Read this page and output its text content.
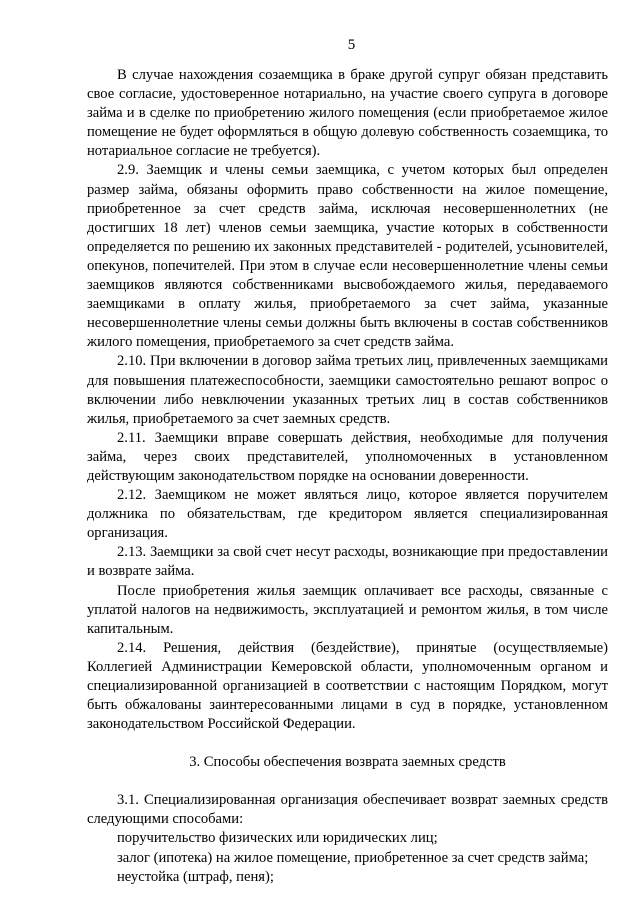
5

В случае нахождения созаемщика в браке другой супруг обязан представить свое согласие, удостоверенное нотариально, на участие своего супруга в договоре займа и в сделке по приобретению жилого помещения (если приобретаемое жилое помещение не будет оформляться в общую долевую собственность созаемщика, то нотариальное согласие не требуется).

2.9. Заемщик и члены семьи заемщика, с учетом которых был определен размер займа, обязаны оформить право собственности на жилое помещение, приобретенное за счет средств займа, исключая несовершеннолетних (не достигших 18 лет) членов семьи заемщика, участие которых в собственности определяется по решению их законных представителей - родителей, усыновителей, опекунов, попечителей. При этом в случае если несовершеннолетние члены семьи заемщиков являются собственниками высвобождаемого жилья, передаваемого заемщиками в оплату жилья, приобретаемого за счет займа, указанные несовершеннолетние члены семьи должны быть включены в состав собственников жилого помещения, приобретаемого за счет средств займа.

2.10. При включении в договор займа третьих лиц, привлеченных заемщиками для повышения платежеспособности, заемщики самостоятельно решают вопрос о включении либо невключении указанных третьих лиц в состав собственников жилья, приобретаемого за счет заемных средств.

2.11. Заемщики вправе совершать действия, необходимые для получения займа, через своих представителей, уполномоченных в установленном действующим законодательством порядке на основании доверенности.

2.12. Заемщиком не может являться лицо, которое является поручителем должника по обязательствам, где кредитором является специализированная организация.

2.13. Заемщики за свой счет несут расходы, возникающие при предоставлении и возврате займа.

После приобретения жилья заемщик оплачивает все расходы, связанные с уплатой налогов на недвижимость, эксплуатацией и ремонтом жилья, в том числе капитальным.

2.14. Решения, действия (бездействие), принятые (осуществляемые) Коллегией Администрации Кемеровской области, уполномоченным органом и специализированной организацией в соответствии с настоящим Порядком, могут быть обжалованы заинтересованными лицами в суд в порядке, установленном законодательством Российской Федерации.

3. Способы обеспечения возврата заемных средств

3.1. Специализированная организация обеспечивает возврат заемных средств следующими способами:

поручительство физических или юридических лиц;

залог (ипотека) на жилое помещение, приобретенное за счет средств займа;

неустойка (штраф, пеня);
